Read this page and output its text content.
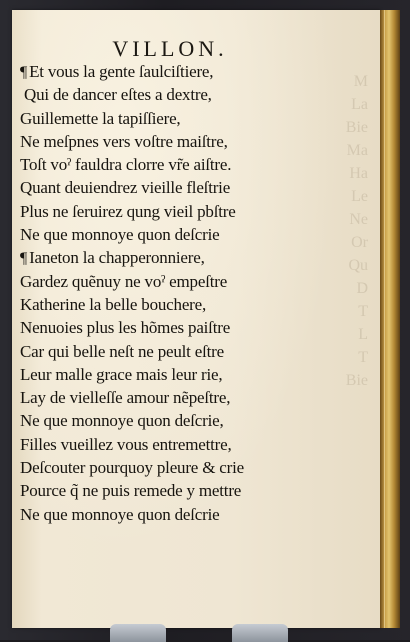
M
La
Bie
Ma
Ha
Le
Ne
Or
Qu
D
T
L
T
Bie
VILLON.
¶ Et vous la gente ſaulciſtiere,
Qui de dancer eſtes a dextre,
Guillemette la tapiſſiere,
Ne meſpnes vers voſtre maiſtre,
Toſt voˀ fauldra clorre vr̃e aiſtre.
Quant deuiendrez vieille fleſtrie
Plus ne ſeruirez qung vieil pbſtre
Ne que monnoye quon deſcrie
¶ Ianeton la chapperonniere,
Gardez quẽnuy ne voˀ empeſtre
Katherine la belle bouchere,
Nenuoies plus les hõmes paiſtre
Car qui belle neſt ne peult eſtre
Leur malle grace mais leur rie,
Lay de vielleſſe amour nẽpeſtre,
Ne que monnoye quon deſcrie,
Filles vueillez vous entremettre,
Deſcouter pourquoy pleure & crie
Pource q̃ ne puis remede y mettre
Ne que monnoye quon deſcrie
